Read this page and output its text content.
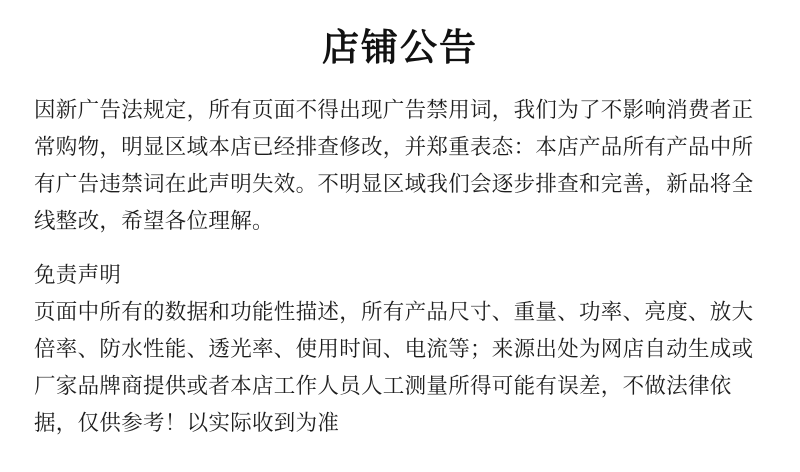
店铺公告

因新广告法规定，所有页面不得出现广告禁用词，我们为了不影响消费者正常购物，明显区域本店已经排查修改，并郑重表态：本店产品所有产品中所有广告违禁词在此声明失效。不明显区域我们会逐步排查和完善，新品将全线整改，希望各位理解。

免责声明

页面中所有的数据和功能性描述，所有产品尺寸、重量、功率、亮度、放大倍率、防水性能、透光率、使用时间、电流等；来源出处为网店自动生成或厂家品牌商提供或者本店工作人员人工测量所得可能有误差，不做法律依据，仅供参考！以实际收到为准
